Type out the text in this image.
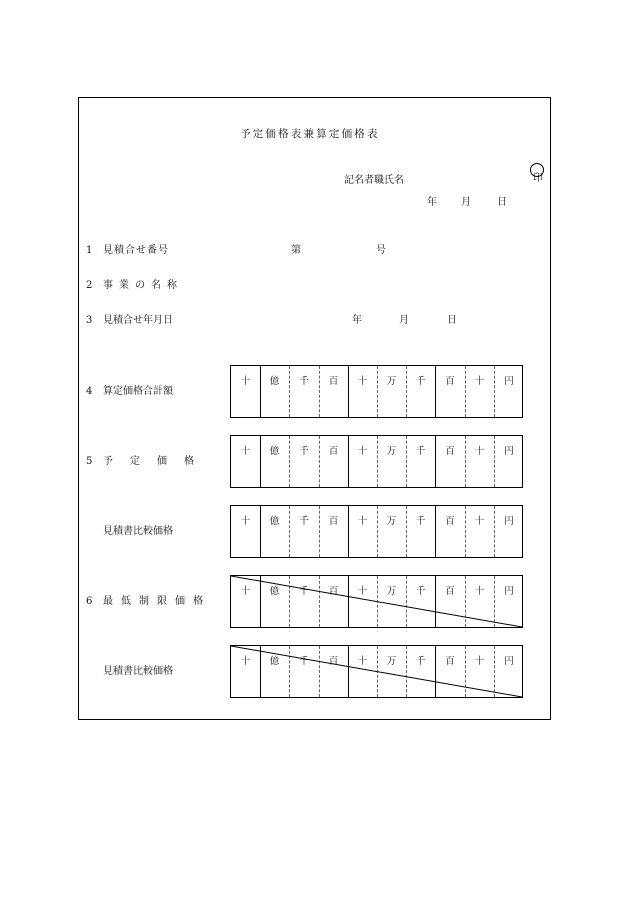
予定価格表兼算定価格表
記名者職氏名	印
年 月	日
1	見積合せ番号	第	号
2	事業の名称
3	見積合せ年月日	年	月	日
4	算定価格合計額
十	億	千	百	十	万	千	百	十	円
5	予定価格
十	億	千	百	十	万	千	百	十	円
見積書比較価格
十	億	千	百	十	万	千	百	十	円
6	最低制限価格
十	億	千	百	十	万	千	百	十	円
見積書比較価格
十	億	千	百	十	万	千	百	十	円
